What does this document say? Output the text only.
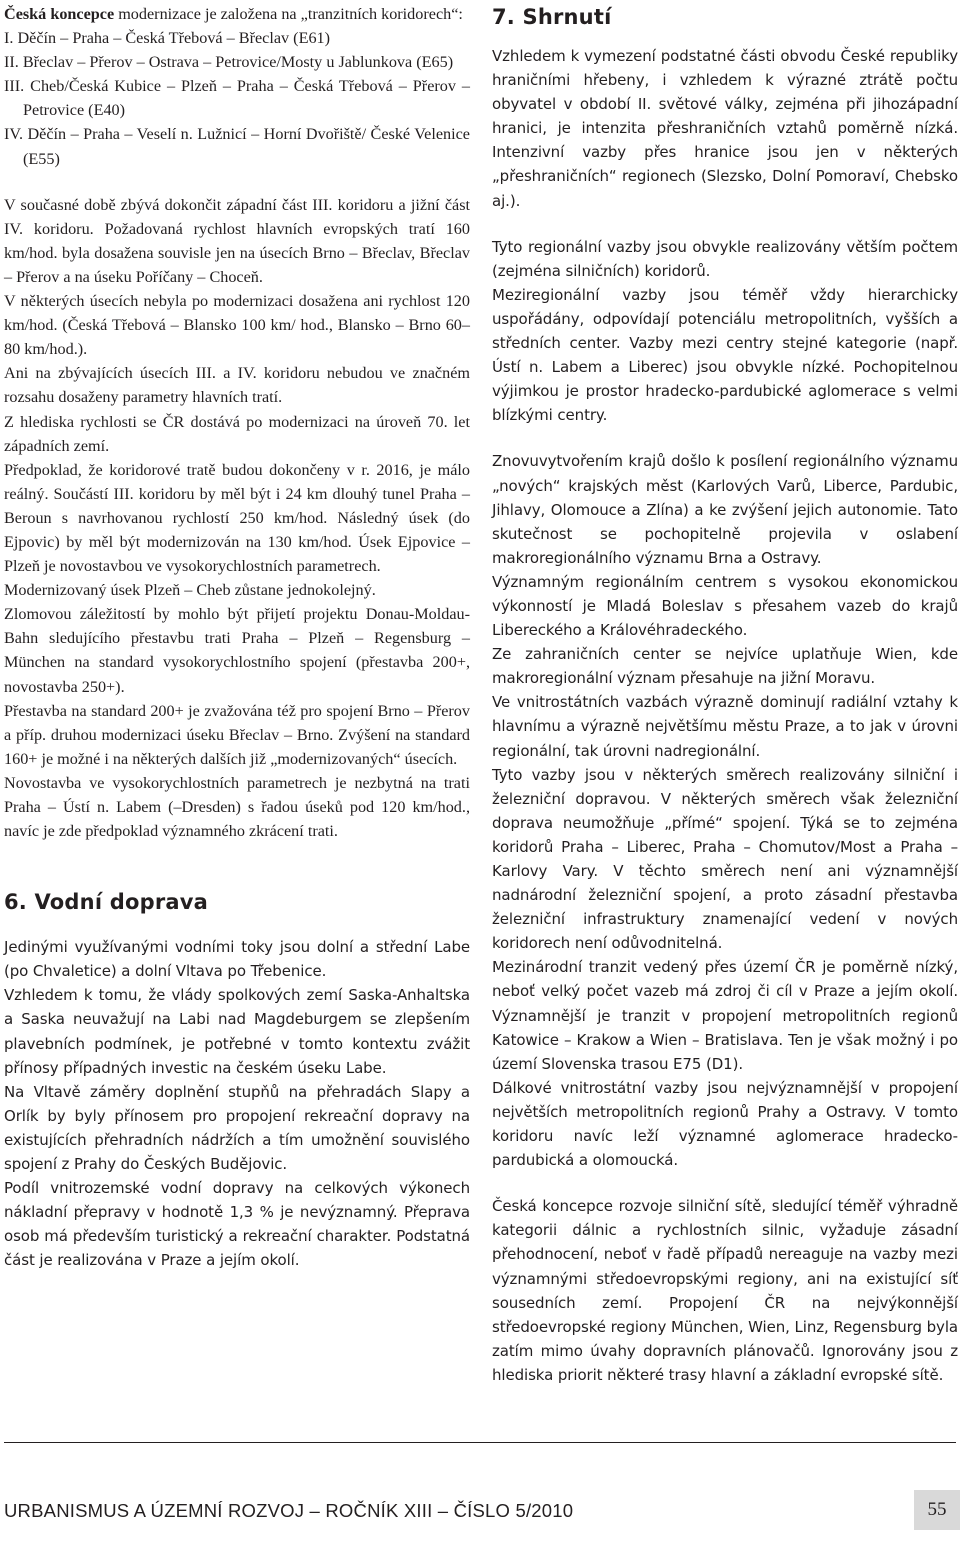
Česká koncepce modernizace je založena na „tranzitních koridorech“:

I. Děčín – Praha – Česká Třebová – Břeclav (E61)
II. Břeclav – Přerov – Ostrava – Petrovice/Mosty u Jablunkova (E65)
III. Cheb/Česká Kubice – Plzeň – Praha – Česká Třebová – Přerov – Petrovice (E40)
IV. Děčín – Praha – Veselí n. Lužnicí – Horní Dvořiště/ České Velenice (E55)

V současné době zbývá dokončit západní část III. koridoru a jižní část IV. koridoru. Požadovaná rychlost hlavních evropských tratí 160 km/hod. byla dosažena souvisle jen na úsecích Brno – Břeclav, Břeclav – Přerov a na úseku Poříčany – Choceň.

V některých úsecích nebyla po modernizaci dosažena ani rychlost 120 km/hod. (Česká Třebová – Blansko 100 km/ hod., Blansko – Brno 60–80 km/hod.).

Ani na zbývajících úsecích III. a IV. koridoru nebudou ve značném rozsahu dosaženy parametry hlavních tratí.

Z hlediska rychlosti se ČR dostává po modernizaci na úroveň 70. let západních zemí.

Předpoklad, že koridorové tratě budou dokončeny v r. 2016, je málo reálný. Součástí III. koridoru by měl být i 24 km dlouhý tunel Praha – Beroun s navrhovanou rychlostí 250 km/hod. Následný úsek (do Ejpovic) by měl být modernizován na 130 km/hod. Úsek Ejpovice – Plzeň je novostavbou ve vysokorychlostních parametrech.

Modernizovaný úsek Plzeň – Cheb zůstane jednokolejný.

Zlomovou záležitostí by mohlo být přijetí projektu Donau-Moldau-Bahn sledujícího přestavbu trati Praha – Plzeň – Regensburg – München na standard vysokorychlostního spojení (přestavba 200+, novostavba 250+).

Přestavba na standard 200+ je zvažována též pro spojení Brno – Přerov a příp. druhou modernizaci úseku Břeclav – Brno. Zvýšení na standard 160+ je možné i na některých dalších již „modernizovaných“ úsecích.

Novostavba ve vysokorychlostních parametrech je nezbytná na trati Praha – Ústí n. Labem (–Dresden) s řadou úseků pod 120 km/hod., navíc je zde předpoklad významného zkrácení trati.

6. Vodní doprava

Jedinými využívanými vodními toky jsou dolní a střední Labe (po Chvaletice) a dolní Vltava po Třebenice.

Vzhledem k tomu, že vlády spolkových zemí Saska-Anhaltska a Saska neuvažují na Labi nad Magdeburgem se zlepšením plavebních podmínek, je potřebné v tomto kontextu zvážit přínosy případných investic na českém úseku Labe.

Na Vltavě záměry doplnění stupňů na přehradách Slapy a Orlík by byly přínosem pro propojení rekreační dopravy na existujících přehradních nádržích a tím umožnění souvislého spojení z Prahy do Českých Budějovic.

Podíl vnitrozemské vodní dopravy na celkových výkonech nákladní přepravy v hodnotě 1,3 % je nevýznamný. Přeprava osob má především turistický a rekreační charakter. Podstatná část je realizována v Praze a jejím okolí.

7. Shrnutí

Vzhledem k vymezení podstatné části obvodu České republiky hraničními hřebeny, i vzhledem k výrazné ztrátě počtu obyvatel v období II. světové války, zejména při jihozápadní hranici, je intenzita přeshraničních vztahů poměrně nízká. Intenzivní vazby přes hranice jsou jen v některých „přeshraničních“ regionech (Slezsko, Dolní Pomoraví, Chebsko aj.).

Tyto regionální vazby jsou obvykle realizovány větším počtem (zejména silničních) koridorů.

Meziregionální vazby jsou téměř vždy hierarchicky uspořádány, odpovídají potenciálu metropolitních, vyšších a středních center. Vazby mezi centry stejné kategorie (např. Ústí n. Labem a Liberec) jsou obvykle nízké. Pochopitelnou výjimkou je prostor hradecko-pardubické aglomerace s velmi blízkými centry.

Znovuvytvořením krajů došlo k posílení regionálního významu „nových“ krajských měst (Karlových Varů, Liberce, Pardubic, Jihlavy, Olomouce a Zlína) a ke zvýšení jejich autonomie. Tato skutečnost se pochopitelně projevila v oslabení makroregionálního významu Brna a Ostravy.

Významným regionálním centrem s vysokou ekonomickou výkonností je Mladá Boleslav s přesahem vazeb do krajů Libereckého a Královéhradeckého.

Ze zahraničních center se nejvíce uplatňuje Wien, kde makroregionální význam přesahuje na jižní Moravu.

Ve vnitrostátních vazbách výrazně dominují radiální vztahy k hlavnímu a výrazně největšímu městu Praze, a to jak v úrovni regionální, tak úrovni nadregionální.

Tyto vazby jsou v některých směrech realizovány silniční i železniční dopravou. V některých směrech však železniční doprava neumožňuje „přímé“ spojení. Týká se to zejména koridorů Praha – Liberec, Praha – Chomutov/Most a Praha – Karlovy Vary. V těchto směrech není ani významnější nadnárodní železniční spojení, a proto zásadní přestavba železniční infrastruktury znamenající vedení v nových koridorech není odůvodnitelná.

Mezinárodní tranzit vedený přes území ČR je poměrně nízký, neboť velký počet vazeb má zdroj či cíl v Praze a jejím okolí. Významnější je tranzit v propojení metropolitních regionů Katowice – Krakow a Wien – Bratislava. Ten je však možný i po území Slovenska trasou E75 (D1).

Dálkové vnitrostátní vazby jsou nejvýznamnější v propojení největších metropolitních regionů Prahy a Ostravy. V tomto koridoru navíc leží významné aglomerace hradecko-pardubická a olomoucká.

Česká koncepce rozvoje silniční sítě, sledující téměř výhradně kategorii dálnic a rychlostních silnic, vyžaduje zásadní přehodnocení, neboť v řadě případů nereaguje na vazby mezi významnými středoevropskými regiony, ani na existující síť sousedních zemí. Propojení ČR na nejvýkonnější středoevropské regiony München, Wien, Linz, Regensburg byla zatím mimo úvahy dopravních plánovačů. Ignorovány jsou z hlediska priorit některé trasy hlavní a základní evropské sítě.

URBANISMUS A ÚZEMNÍ ROZVOJ – ROČNÍK XIII – ČÍSLO 5/2010	55
